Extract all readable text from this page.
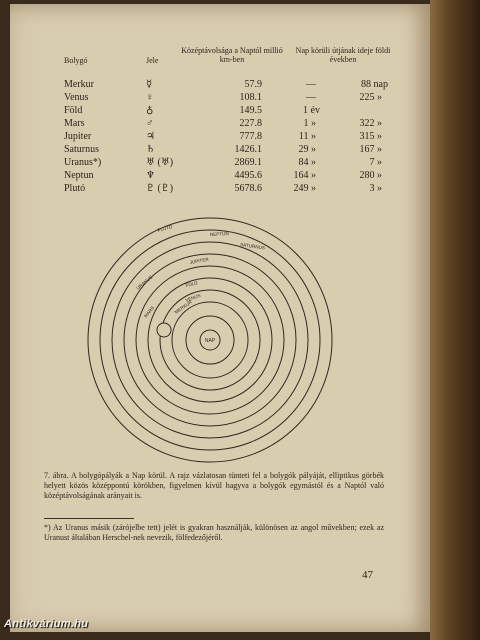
Bolygó	Jele
Középtávolsága a Naptól millió km-ben
Nap körüli útjának ideje földi években
Merkur	☿	57.9	—	88 nap
Venus	♀	108.1	—	225 »
Föld	♁	149.5	1 év
Mars	♂	227.8	1 »	322 »
Jupiter	♃	777.8	11 »	315 »
Saturnus	♄	1426.1	29 »	167 »
Uranus*)	♅ (♅)	2869.1	84 »	7 »
Neptun	♆	4495.6	164 »	280 »
Plutó	♇ (♇)	5678.6	249 »	3 »
NAP
MERKUR
VENUS
FÖLD
MARS
JUPITER
SATURNUS
URANUS
NEPTUN
PLUTO
7. ábra. A bolygópályák a Nap körül. A rajz vázlatosan tünteti fel a bolygók pályáját, elliptikus görbék helyett közös középpontú körökben, figyelmen kívül hagyva a bolygók egymástól és a Naptól való középtávolságának arányait is.
*) Az Uranus másik (zárójelbe tett) jelét is gyakran használják, különösen az angol művekben; ezek az Uranust általában Herschel-nek nevezik, fölfedezőjéről.
47
Antikvárium.hu
